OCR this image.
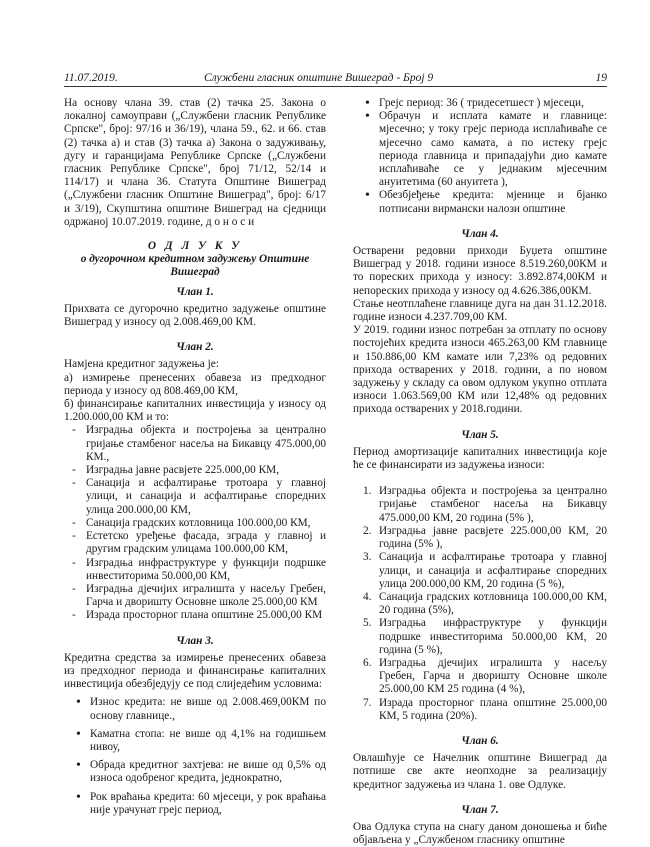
11.07.2019.	Службени гласник општине Вишеград - Број 9	19

На основу члана 39. став (2) тачка 25. Закона о локалној самоуправи („Службени гласник Републике Српске", број: 97/16 и 36/19), члана 59., 62. и 66. став (2) тачка а) и став (3) тачка а) Закона о задуживању, дугу и гаранцијама Републике Српске („Службени гласник Републике Српске", број 71/12, 52/14 и 114/17) и члана 36. Статута Општине Вишеград („Службени гласник Општине Вишеград", број: 6/17 и 3/19), Скупштина општине Вишеград на сједници одржаној 10.07.2019. године, д о н о с и

О Д Л У К У
о дугорочном кредитном задужењу Општине Вишеград
Члан 1.

Прихвата се дугорочно кредитно задужење општине Вишеград у износу од 2.008.469,00 КМ.

Члан 2.

Намјена кредитног задужења је:

а) измирење пренесених обавеза из предходног периода у износу од 808.469,00 КМ,

б) финансирање капиталних инвестиција у износу од 1.200.000,00 КМ и то:

- Изградња објекта и постројења за централно гријање стамбеног насеља на Бикавцу 475.000,00 КМ.,
- Изградња јавне расвјете 225.000,00 КМ,
- Санација и асфалтирање тротоара у главној улици, и санација и асфалтирање споредних улица 200.000,00 КМ,
- Санација градских котловница 100.000,00 КМ,
- Естетско уређење фасада, зграда у главној и другим градским улицама 100.000,00 КМ,
- Изградња инфраструктуре у функцији подршке инвеститорима 50.000,00 КМ,
- Изградња дјечијих игралишта у насељу Гребен, Гарча и дворишту Основне школе 25.000,00 КМ
- Израда просторног плана општине 25.000,00 КМ
Члан 3.

Кредитна средства за измирење пренесених обавеза из предходног периода и финансирање капиталних инвестиција обезбједују се под слиједећим условима:

• Износ кредита: не више од 2.008.469,00КМ по основу главнице.,
• Каматна стопа: не више од 4,1% на годишњем нивоу,
• Обрада кредитног захтјева: не више од 0,5% од износа одобреног кредита, једнократно,
• Рок враћања кредита: 60 мјесеци, у рок враћања није урачунат грејс период,
• Грејс период: 36 ( тридесетшест ) мјесеци,
• Обрачун и исплата камате и главнице: мјесечно; у току грејс периода исплаћиваће се мјесечно само камата, а по истеку грејс периода главница и припадајући дио камате исплаћиваће се у једнаким мјесечним ануитетима (60 ануитета ),
• Обезбјеђење кредита: мјенице и бјанко потписани вирмански налози општине
Члан 4.

Остварени редовни приходи Буџета општине Вишеград у 2018. години износе 8.519.260,00КМ и то пореских прихода у износу: 3.892.874,00КМ и непореских прихода у износу од 4.626.386,00КМ.

Стање неотплаћене главнице дуга на дан 31.12.2018. године износи 4.237.709,00 КМ.

У 2019. години износ потребан за отплату по основу постојећих кредита износи 465.263,00 КМ главнице и 150.886,00 КМ камате или 7,23% од редовних прихода остварених у 2018. години, а по новом задужењу у складу са овом одлуком укупно отплата износи 1.063.569,00 КМ или 12,48% од редовних прихода остварених у 2018.години.

Члан 5.

Период амортизације капиталних инвестиција које ће се финансирати из задужења износи:

1. Изградња објекта и постројења за централно гријање стамбеног насеља на Бикавцу 475.000,00 КМ, 20 година (5% ),
2. Изградња јавне расвјете 225.000,00 КМ, 20 година (5% ),
3. Санација и асфалтирање тротоара у главној улици, и санација и асфалтирање споредних улица 200.000,00 КМ, 20 година (5 %),
4. Санација градских котловница 100.000,00 КМ, 20 година (5%),
5. Изградња инфраструктуре у функцији подршке инвеститорима 50.000,00 КМ, 20 година (5 %),
6. Изградња дјечијих игралишта у насељу Гребен, Гарча и дворишту Основне школе 25.000,00 КМ 25 година (4 %),
7. Израда просторног плана општине 25.000,00 КМ, 5 година (20%).
Члан 6.

Овлашћује се Начелник општине Вишеград да потпише све акте неопходне за реализацију кредитног задужења из члана 1. ове Одлуке.

Члан 7.

Ова Одлука ступа на снагу даном доношења и биће објављена у „Службеном гласнику општине
